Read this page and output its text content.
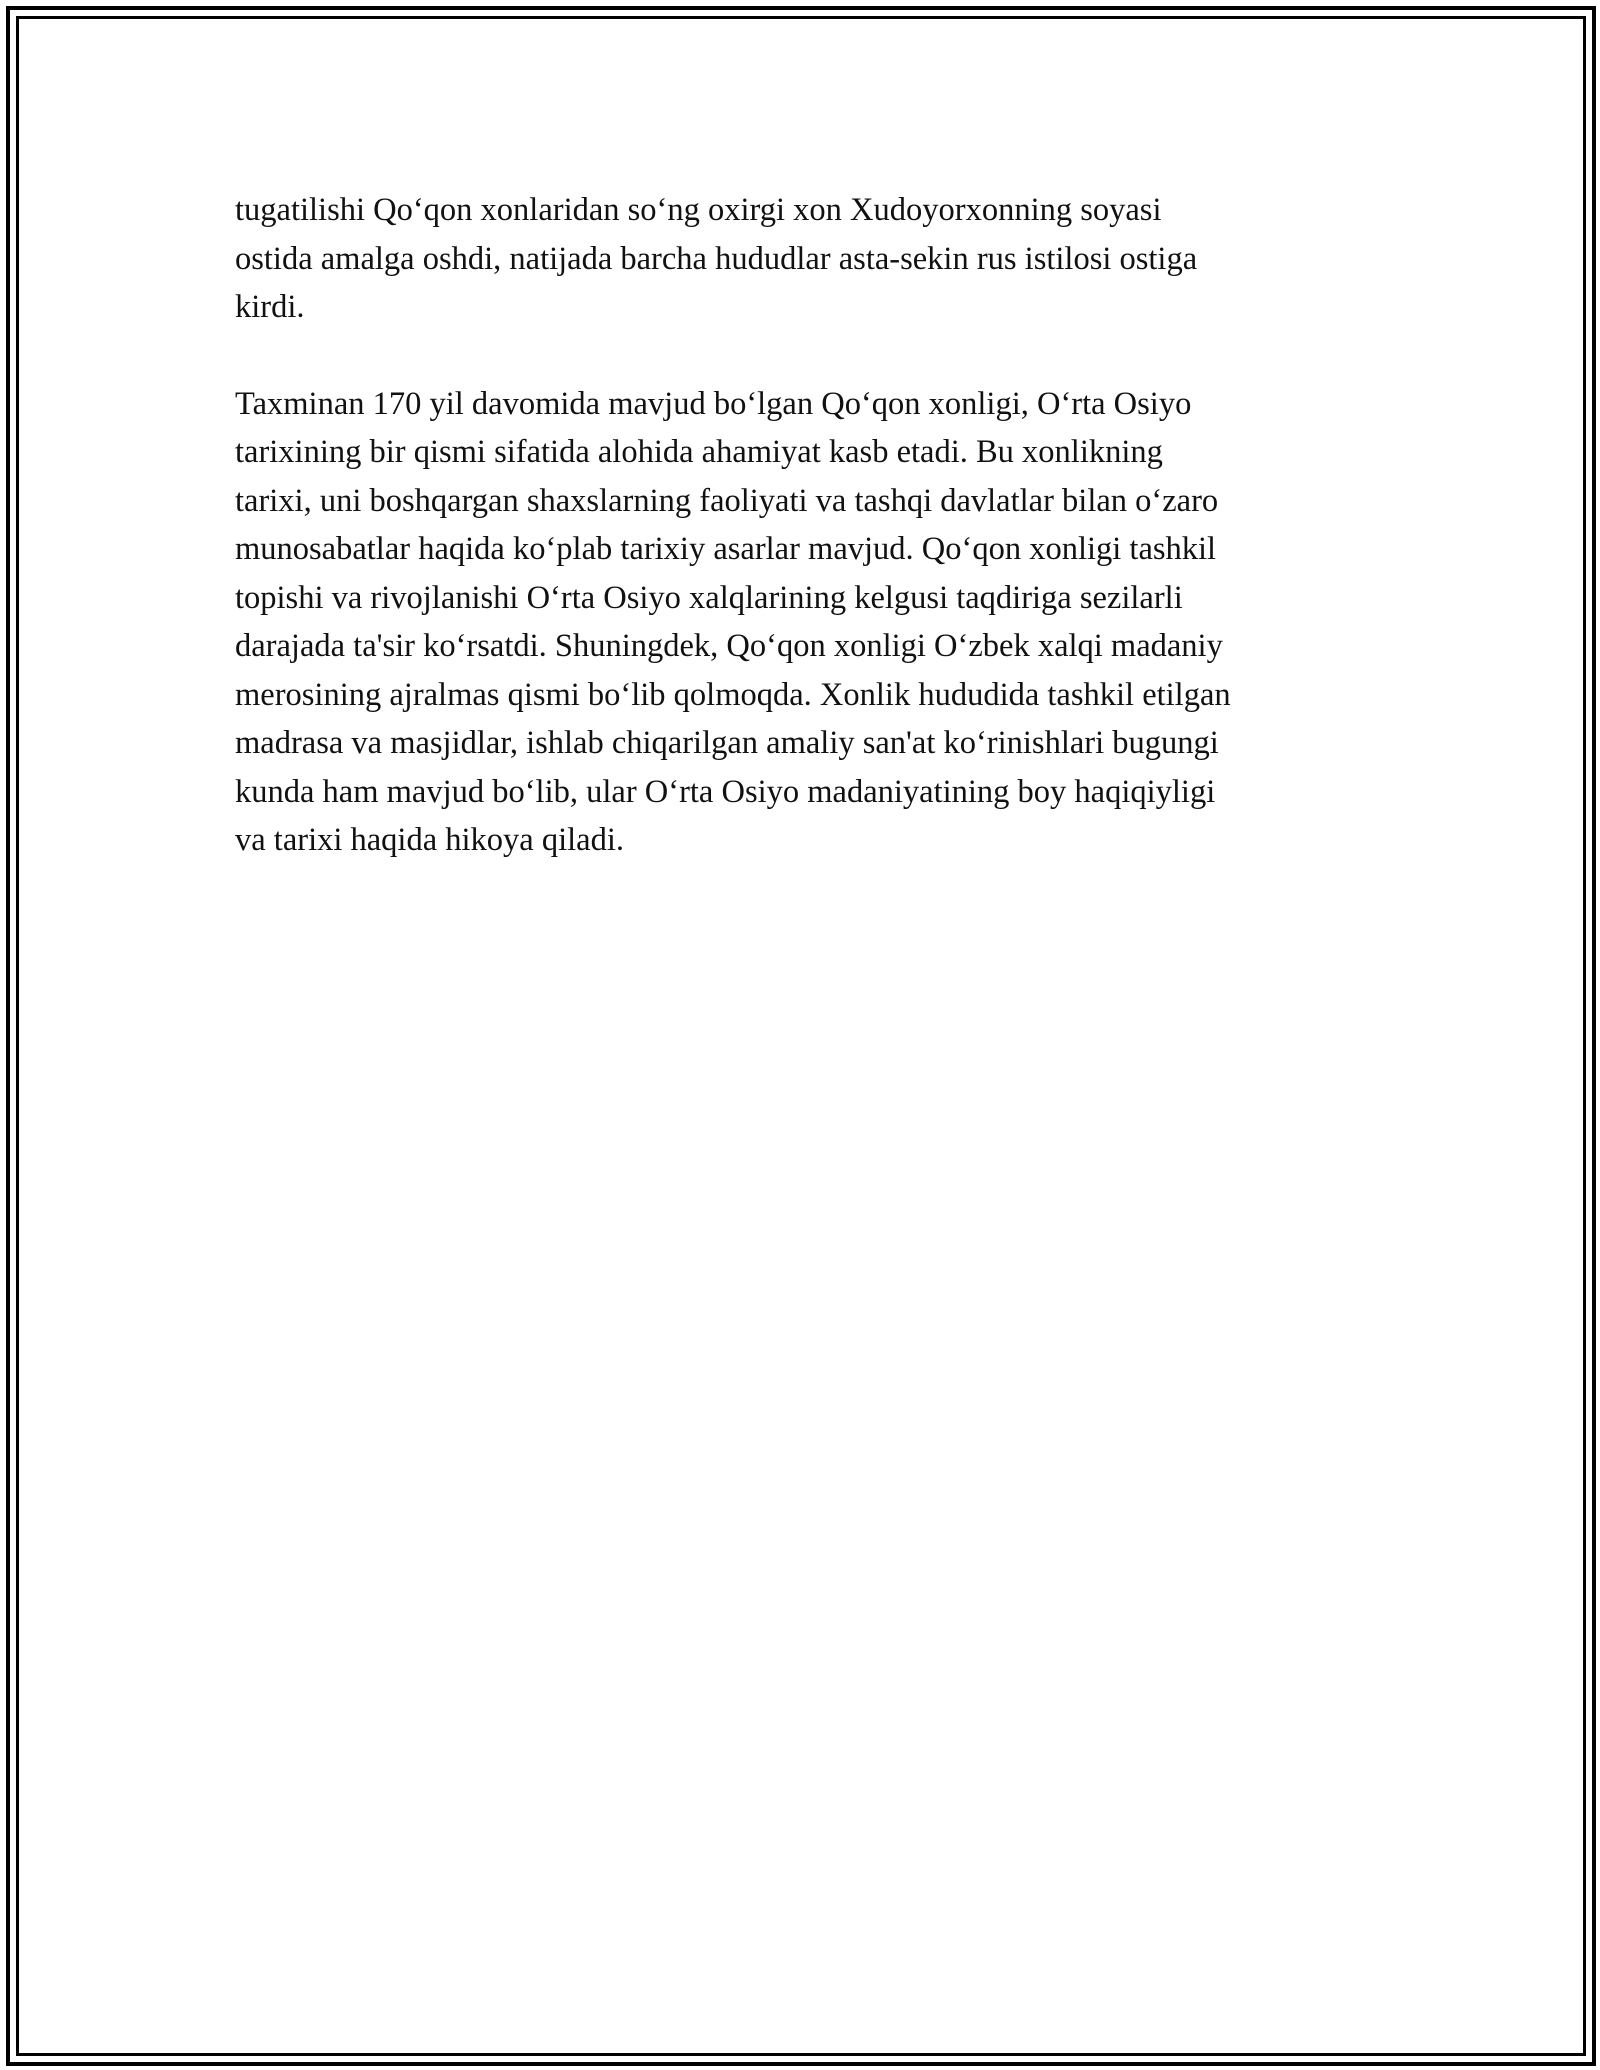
tugatilishi Qo‘qon xonlaridan so‘ng oxirgi xon Xudoyorxonning soyasi
ostida amalga oshdi, natijada barcha hududlar asta-sekin rus istilosi ostiga
kirdi.

Taxminan 170 yil davomida mavjud bo‘lgan Qo‘qon xonligi, O‘rta Osiyo
tarixining bir qismi sifatida alohida ahamiyat kasb etadi. Bu xonlikning
tarixi, uni boshqargan shaxslarning faoliyati va tashqi davlatlar bilan o‘zaro
munosabatlar haqida ko‘plab tarixiy asarlar mavjud. Qo‘qon xonligi tashkil
topishi va rivojlanishi O‘rta Osiyo xalqlarining kelgusi taqdiriga sezilarli
darajada ta'sir ko‘rsatdi. Shuningdek, Qo‘qon xonligi O‘zbek xalqi madaniy
merosining ajralmas qismi bo‘lib qolmoqda. Xonlik hududida tashkil etilgan
madrasa va masjidlar, ishlab chiqarilgan amaliy san'at ko‘rinishlari bugungi
kunda ham mavjud bo‘lib, ular O‘rta Osiyo madaniyatining boy haqiqiyligi
va tarixi haqida hikoya qiladi.
